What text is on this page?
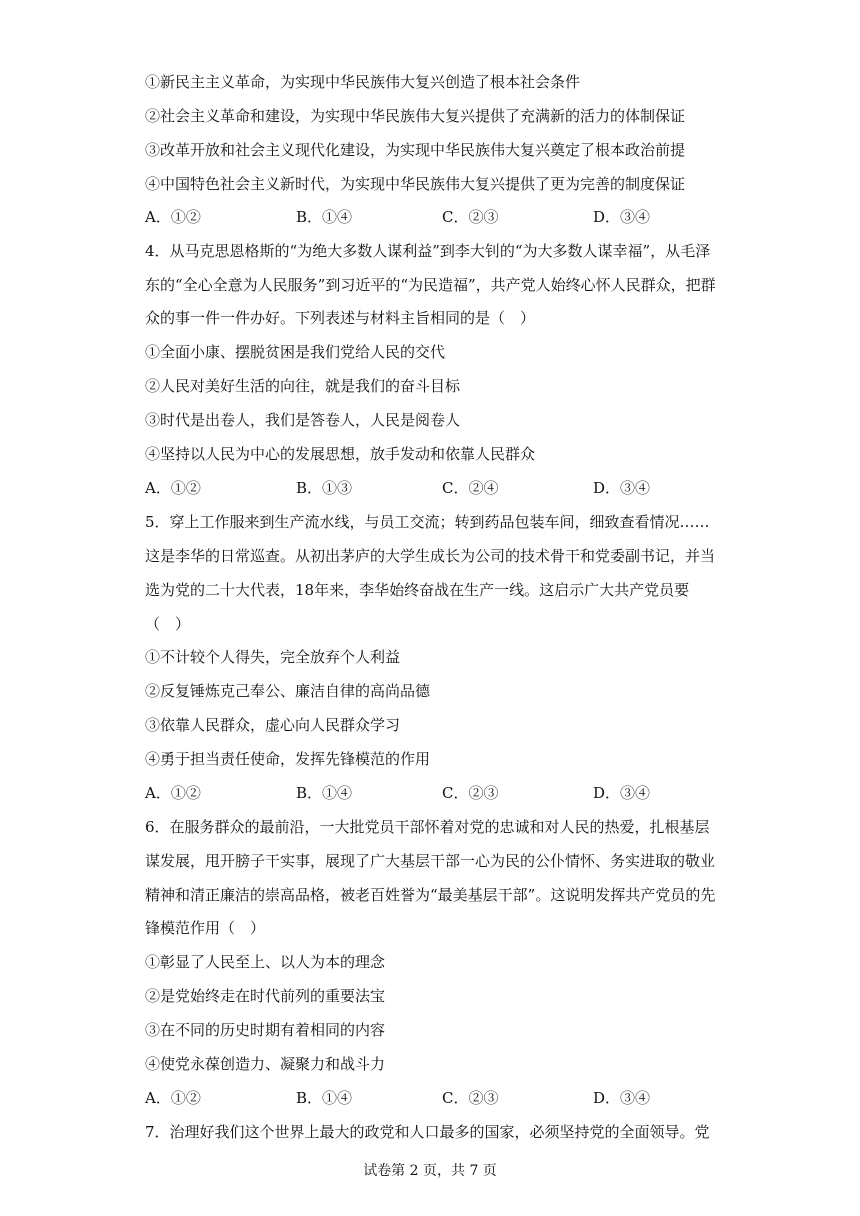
①新民主主义革命，为实现中华民族伟大复兴创造了根本社会条件
②社会主义革命和建设，为实现中华民族伟大复兴提供了充满新的活力的体制保证
③改革开放和社会主义现代化建设，为实现中华民族伟大复兴奠定了根本政治前提
④中国特色社会主义新时代，为实现中华民族伟大复兴提供了更为完善的制度保证
A．①②	B．①④	C．②③	D．③④
4．从马克思恩格斯的“为绝大多数人谋利益”到李大钊的“为大多数人谋幸福”，从毛泽
东的“全心全意为人民服务”到习近平的“为民造福”，共产党人始终心怀人民群众，把群
众的事一件一件办好。下列表述与材料主旨相同的是（　）
①全面小康、摆脱贫困是我们党给人民的交代
②人民对美好生活的向往，就是我们的奋斗目标
③时代是出卷人，我们是答卷人，人民是阅卷人
④坚持以人民为中心的发展思想，放手发动和依靠人民群众
A．①②	B．①③	C．②④	D．③④
5．穿上工作服来到生产流水线，与员工交流；转到药品包装车间，细致查看情况……
这是李华的日常巡查。从初出茅庐的大学生成长为公司的技术骨干和党委副书记，并当
选为党的二十大代表，18年来，李华始终奋战在生产一线。这启示广大共产党员要
（　）
①不计较个人得失，完全放弃个人利益
②反复锤炼克己奉公、廉洁自律的高尚品德
③依靠人民群众，虚心向人民群众学习
④勇于担当责任使命，发挥先锋模范的作用
A．①②	B．①④	C．②③	D．③④
6．在服务群众的最前沿，一大批党员干部怀着对党的忠诚和对人民的热爱，扎根基层
谋发展，甩开膀子干实事，展现了广大基层干部一心为民的公仆情怀、务实进取的敬业
精神和清正廉洁的崇高品格，被老百姓誉为“最美基层干部”。这说明发挥共产党员的先
锋模范作用（　）
①彰显了人民至上、以人为本的理念
②是党始终走在时代前列的重要法宝
③在不同的历史时期有着相同的内容
④使党永葆创造力、凝聚力和战斗力
A．①②	B．①④	C．②③	D．③④
7．治理好我们这个世界上最大的政党和人口最多的国家，必须坚持党的全面领导。党
试卷第 2 页，共 7 页
